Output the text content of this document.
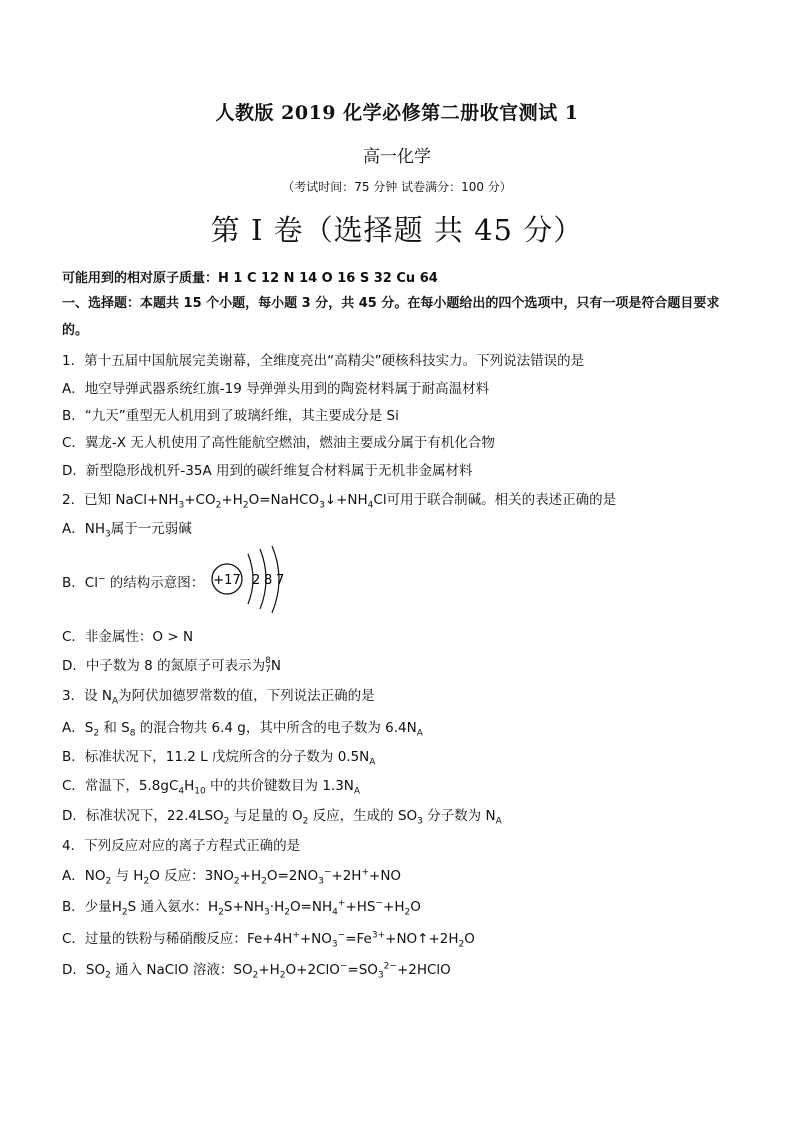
人教版 2019 化学必修第二册收官测试 1
高一化学
（考试时间：75 分钟 试卷满分：100 分）
第 I 卷（选择题 共 45 分）
可能用到的相对原子质量：H 1 C 12 N 14 O 16 S 32 Cu 64
一、选择题：本题共 15 个小题，每小题 3 分，共 45 分。在每小题给出的四个选项中，只有一项是符合题目要求的。
1．第十五届中国航展完美谢幕，全维度亮出“高精尖”硬核科技实力。下列说法错误的是
A．地空导弹武器系统红旗-19 导弹弹头用到的陶瓷材料属于耐高温材料
B．“九天”重型无人机用到了玻璃纤维，其主要成分是 Si
C．翼龙-X 无人机使用了高性能航空燃油，燃油主要成分属于有机化合物
D．新型隐形战机歼-35A 用到的碳纤维复合材料属于无机非金属材料
2．已知 $NaCl+NH_3+CO_2+H_2O=NaHCO_3↓+NH_4Cl$可用于联合制碱。相关的表述正确的是
A．$NH_3$属于一元弱碱
B．Cl− 的结构示意图： +17 2 8 7
C．非金属性：O > N
D．中子数为 8 的氮原子可表示为8
7N
3．设 $N_A$为阿伏加德罗常数的值，下列说法正确的是
A．$S_2$ 和 $S_8$ 的混合物共 6.4 g，其中所含的电子数为 $6.4N_A$
B．标准状况下，11.2 L 戊烷所含的分子数为 $0.5N_A$
C．常温下，$5.8gC_4H_{10}$ 中的共价键数目为 $1.3N_A$
D．标准状况下，$22.4LSO_2$ 与足量的 $O_2$ 反应，生成的 $SO_3$ 分子数为 $N_A$
4．下列反应对应的离子方程式正确的是
A．$NO_2$ 与 $H_2O$ 反应：$3NO_2+H_2O=2NO_3^-+2H^++NO$
B．少量$H_2S$ 通入氨水：$H_2S+NH_3\cdot H_2O=NH_4^++HS^-+H_2O$
C．过量的铁粉与稀硝酸反应：$Fe+4H^++NO_3^-=Fe^{3+}+NO↑+2H_2O$
D．$SO_2$ 通入 NaClO 溶液：$SO_2+H_2O+2ClO^-=SO_3^{2-}+2HClO$
